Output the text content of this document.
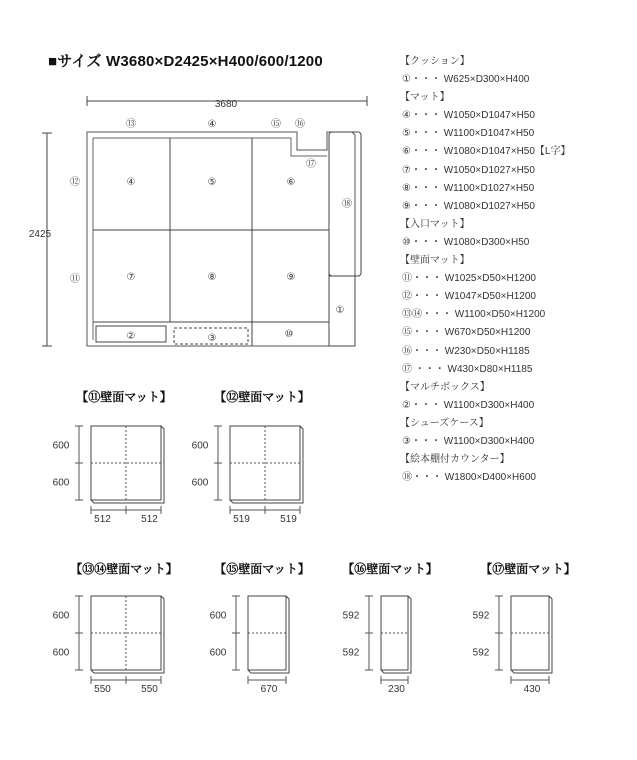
■サイズ W3680×D2425×H400/600/1200	【クッション】
①・・・ W625×D300×H400
【マット】
④・・・ W1050×D1047×H50
⑤・・・ W1100×D1047×H50
⑥・・・ W1080×D1047×H50【L字】
⑦・・・ W1050×D1027×H50
⑧・・・ W1100×D1027×H50
⑨・・・ W1080×D1027×H50
【入口マット】
⑩・・・ W1080×D300×H50
【壁面マット】
⑪・・・ W1025×D50×H1200
⑫・・・ W1047×D50×H1200
⑬⑭・・・ W1100×D50×H1200
⑮・・・ W670×D50×H1200
⑯・・・ W230×D50×H1185
⑰ ・・・ W430×D80×H1185
【マルチボックス】
②・・・ W1100×D300×H400
【シューズケース】
③・・・ W1100×D300×H400
【絵本棚付カウンター】
⑱・・・ W1800×D400×H600
3680
2425
④	⑤	⑥
⑦	⑧	⑨
⑬	④	⑮ ⑯
⑫
⑪
⑰
⑱
①
②	③	⑩
【⑪壁面マット】
600
600
512	512
【⑫壁面マット】
600
600
519	519
【⑬⑭壁面マット】
600
600
550	550
【⑮壁面マット】
600
600
670
【⑯壁面マット】
592
592
230
【⑰壁面マット】
592
592
430
